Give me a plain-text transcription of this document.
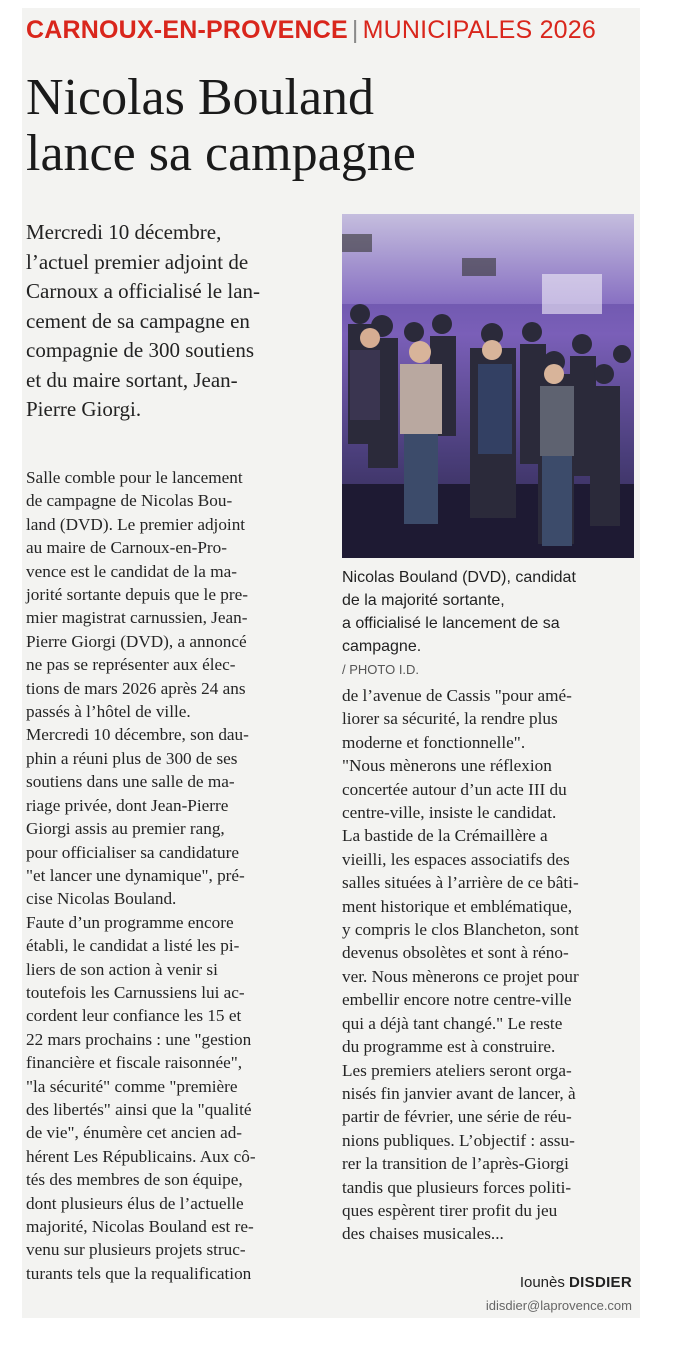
CARNOUX-EN-PROVENCE | MUNICIPALES 2026
Nicolas Bouland
lance sa campagne
Mercredi 10 décembre,
l’actuel premier adjoint de
Carnoux a officialisé le lan-
cement de sa campagne en
compagnie de 300 soutiens
et du maire sortant, Jean-
Pierre Giorgi.
Nicolas Bouland (DVD), candidat
de la majorité sortante,
a officialisé le lancement de sa
campagne.
/ PHOTO I.D.
Salle comble pour le lancement
de campagne de Nicolas Bou-
land (DVD). Le premier adjoint
au maire de Carnoux-en-Pro-
vence est le candidat de la ma-
jorité sortante depuis que le pre-
mier magistrat carnussien, Jean-
Pierre Giorgi (DVD), a annoncé
ne pas se représenter aux élec-
tions de mars 2026 après 24 ans
passés à l’hôtel de ville.
Mercredi 10 décembre, son dau-
phin a réuni plus de 300 de ses
soutiens dans une salle de ma-
riage privée, dont Jean-Pierre
Giorgi assis au premier rang,
pour officialiser sa candidature
"et lancer une dynamique", pré-
cise Nicolas Bouland.
Faute d’un programme encore
établi, le candidat a listé les pi-
liers de son action à venir si
toutefois les Carnussiens lui ac-
cordent leur confiance les 15 et
22 mars prochains : une "gestion
financière et fiscale raisonnée",
"la sécurité" comme "première
des libertés" ainsi que la "qualité
de vie", énumère cet ancien ad-
hérent Les Républicains. Aux cô-
tés des membres de son équipe,
dont plusieurs élus de l’actuelle
majorité, Nicolas Bouland est re-
venu sur plusieurs projets struc-
turants tels que la requalification
de l’avenue de Cassis "pour amé-
liorer sa sécurité, la rendre plus
moderne et fonctionnelle".
"Nous mènerons une réflexion
concertée autour d’un acte III du
centre-ville, insiste le candidat.
La bastide de la Crémaillère a
vieilli, les espaces associatifs des
salles situées à l’arrière de ce bâti-
ment historique et emblématique,
y compris le clos Blancheton, sont
devenus obsolètes et sont à réno-
ver. Nous mènerons ce projet pour
embellir encore notre centre-ville
qui a déjà tant changé." Le reste
du programme est à construire.
Les premiers ateliers seront orga-
nisés fin janvier avant de lancer, à
partir de février, une série de réu-
nions publiques. L’objectif : assu-
rer la transition de l’après-Giorgi
tandis que plusieurs forces politi-
ques espèrent tirer profit du jeu
des chaises musicales...
Iounès DISDIER
idisdier@laprovence.com
